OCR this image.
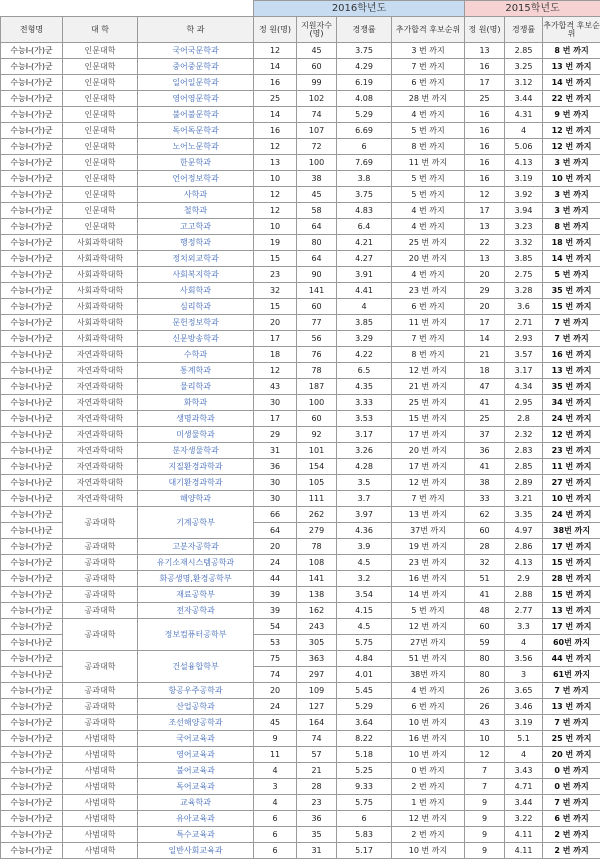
			2016학년도				2015학년도		
전형명	대 학	학 과	정 원(명)	지원자수(명)	경쟁률	추가합격 후보순위	정 원(명)	경쟁률	추가합격 후보순위
수능Ⅰ-(가)군	인문대학	국어국문학과	12	45	3.75	3 번 까지	13	2.85	8 번 까지
수능Ⅰ-(가)군	인문대학	중어중문학과	14	60	4.29	7 번 까지	16	3.25	13 번 까지
수능Ⅰ-(가)군	인문대학	일어일문학과	16	99	6.19	6 번 까지	17	3.12	14 번 까지
수능Ⅰ-(가)군	인문대학	영어영문학과	25	102	4.08	28 번 까지	25	3.44	22 번 까지
수능Ⅰ-(가)군	인문대학	불어불문학과	14	74	5.29	4 번 까지	16	4.31	9 번 까지
수능Ⅰ-(가)군	인문대학	독어독문학과	16	107	6.69	5 번 까지	16	4	12 번 까지
수능Ⅰ-(가)군	인문대학	노어노문학과	12	72	6	8 번 까지	16	5.06	12 번 까지
수능Ⅰ-(가)군	인문대학	한문학과	13	100	7.69	11 번 까지	16	4.13	3 번 까지
수능Ⅰ-(가)군	인문대학	언어정보학과	10	38	3.8	5 번 까지	16	3.19	10 번 까지
수능Ⅰ-(가)군	인문대학	사학과	12	45	3.75	5 번 까지	12	3.92	3 번 까지
수능Ⅰ-(가)군	인문대학	철학과	12	58	4.83	4 번 까지	17	3.94	3 번 까지
수능Ⅰ-(가)군	인문대학	고고학과	10	64	6.4	4 번 까지	13	3.23	8 번 까지
수능Ⅰ-(가)군	사회과학대학	행정학과	19	80	4.21	25 번 까지	22	3.32	18 번 까지
수능Ⅰ-(가)군	사회과학대학	정치외교학과	15	64	4.27	20 번 까지	13	3.85	14 번 까지
수능Ⅰ-(가)군	사회과학대학	사회복지학과	23	90	3.91	4 번 까지	20	2.75	5 번 까지
수능Ⅰ-(가)군	사회과학대학	사회학과	32	141	4.41	23 번 까지	29	3.28	35 번 까지
수능Ⅰ-(가)군	사회과학대학	심리학과	15	60	4	6 번 까지	20	3.6	15 번 까지
수능Ⅰ-(가)군	사회과학대학	문헌정보학과	20	77	3.85	11 번 까지	17	2.71	7 번 까지
수능Ⅰ-(가)군	사회과학대학	신문방송학과	17	56	3.29	7 번 까지	14	2.93	7 번 까지
수능Ⅰ-(나)군	자연과학대학	수학과	18	76	4.22	8 번 까지	21	3.57	16 번 까지
수능Ⅰ-(나)군	자연과학대학	통계학과	12	78	6.5	12 번 까지	18	3.17	13 번 까지
수능Ⅰ-(나)군	자연과학대학	물리학과	43	187	4.35	21 번 까지	47	4.34	35 번 까지
수능Ⅰ-(나)군	자연과학대학	화학과	30	100	3.33	25 번 까지	41	2.95	34 번 까지
수능Ⅰ-(나)군	자연과학대학	생명과학과	17	60	3.53	15 번 까지	25	2.8	24 번 까지
수능Ⅰ-(나)군	자연과학대학	미생물학과	29	92	3.17	17 번 까지	37	2.32	12 번 까지
수능Ⅰ-(나)군	자연과학대학	분자생물학과	31	101	3.26	20 번 까지	36	2.83	23 번 까지
수능Ⅰ-(나)군	자연과학대학	지질환경과학과	36	154	4.28	17 번 까지	41	2.85	11 번 까지
수능Ⅰ-(나)군	자연과학대학	대기환경과학과	30	105	3.5	12 번 까지	38	2.89	27 번 까지
수능Ⅰ-(나)군	자연과학대학	해양학과	30	111	3.7	7 번 까지	33	3.21	10 번 까지
수능Ⅰ-(가)군	공과대학	기계공학부	66	262	3.97	13 번 까지	62	3.35	24 번 까지
수능Ⅰ-(나)군			64	279	4.36	37번 까지	60	4.97	38번 까지
수능Ⅰ-(가)군	공과대학	고분자공학과	20	78	3.9	19 번 까지	28	2.86	17 번 까지
수능Ⅰ-(가)군	공과대학	유기소재시스템공학과	24	108	4.5	23 번 까지	32	4.13	15 번 까지
수능Ⅰ-(가)군	공과대학	화공생명,환경공학부	44	141	3.2	16 번 까지	51	2.9	28 번 까지
수능Ⅰ-(가)군	공과대학	재료공학부	39	138	3.54	14 번 까지	41	2.88	15 번 까지
수능Ⅰ-(가)군	공과대학	전자공학과	39	162	4.15	5 번 까지	48	2.77	13 번 까지
수능Ⅰ-(가)군	공과대학	정보컴퓨터공학부	54	243	4.5	12 번 까지	60	3.3	17 번 까지
수능Ⅰ-(나)군			53	305	5.75	27번 까지	59	4	60번 까지
수능Ⅰ-(가)군	공과대학	건설융합학부	75	363	4.84	51 번 까지	80	3.56	44 번 까지
수능Ⅰ-(나)군			74	297	4.01	38번 까지	80	3	61번 까지
수능Ⅰ-(가)군	공과대학	항공우주공학과	20	109	5.45	4 번 까지	26	3.65	7 번 까지
수능Ⅰ-(가)군	공과대학	산업공학과	24	127	5.29	6 번 까지	26	3.46	13 번 까지
수능Ⅰ-(가)군	공과대학	조선해양공학과	45	164	3.64	10 번 까지	43	3.19	7 번 까지
수능Ⅰ-(가)군	사범대학	국어교육과	9	74	8.22	16 번 까지	10	5.1	25 번 까지
수능Ⅰ-(가)군	사범대학	영어교육과	11	57	5.18	10 번 까지	12	4	20 번 까지
수능Ⅰ-(가)군	사범대학	불어교육과	4	21	5.25	0 번 까지	7	3.43	0 번 까지
수능Ⅰ-(가)군	사범대학	독어교육과	3	28	9.33	2 번 까지	7	4.71	0 번 까지
수능Ⅰ-(가)군	사범대학	교육학과	4	23	5.75	1 번 까지	9	3.44	7 번 까지
수능Ⅰ-(가)군	사범대학	유아교육과	6	36	6	12 번 까지	9	3.22	6 번 까지
수능Ⅰ-(가)군	사범대학	특수교육과	6	35	5.83	2 번 까지	9	4.11	2 번 까지
수능Ⅰ-(가)군	사범대학	일반사회교육과	6	31	5.17	10 번 까지	9	4.11	2 번 까지
